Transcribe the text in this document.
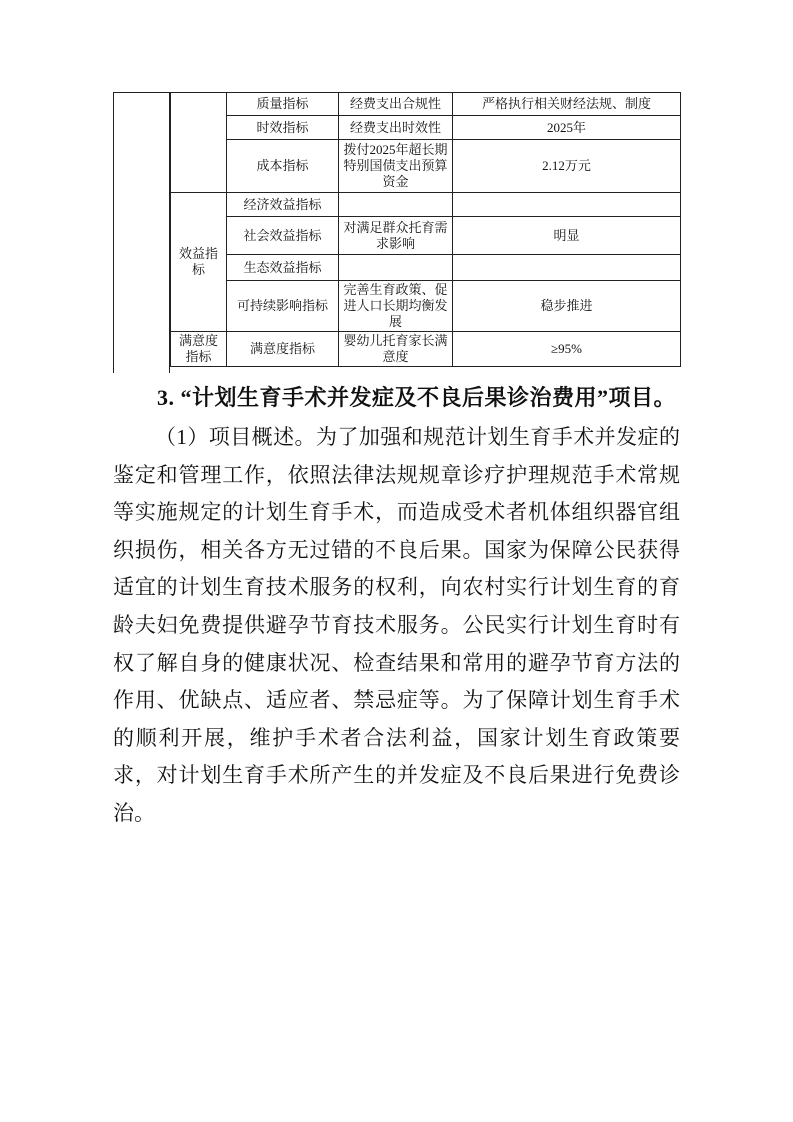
	质量指标	经费支出合规性	严格执行相关财经法规、制度
	时效指标	经费支出时效性	2025年
	成本指标	拨付2025年超长期特别国债支出预算资金	2.12万元
效益指标	经济效益指标		
	社会效益指标	对满足群众托育需求影响	明显
	生态效益指标		
	可持续影响指标	完善生育政策、促进人口长期均衡发展	稳步推进
满意度指标	满意度指标	婴幼儿托育家长满意度	≥95%
3. “计划生育手术并发症及不良后果诊治费用”项目。
（1）项目概述。为了加强和规范计划生育手术并发症的
鉴定和管理工作，依照法律法规规章诊疗护理规范手术常规
等实施规定的计划生育手术，而造成受术者机体组织器官组
织损伤，相关各方无过错的不良后果。国家为保障公民获得
适宜的计划生育技术服务的权利，向农村实行计划生育的育
龄夫妇免费提供避孕节育技术服务。公民实行计划生育时有
权了解自身的健康状况、检查结果和常用的避孕节育方法的
作用、优缺点、适应者、禁忌症等。为了保障计划生育手术
的顺利开展，维护手术者合法利益，国家计划生育政策要
求，对计划生育手术所产生的并发症及不良后果进行免费诊
治。
